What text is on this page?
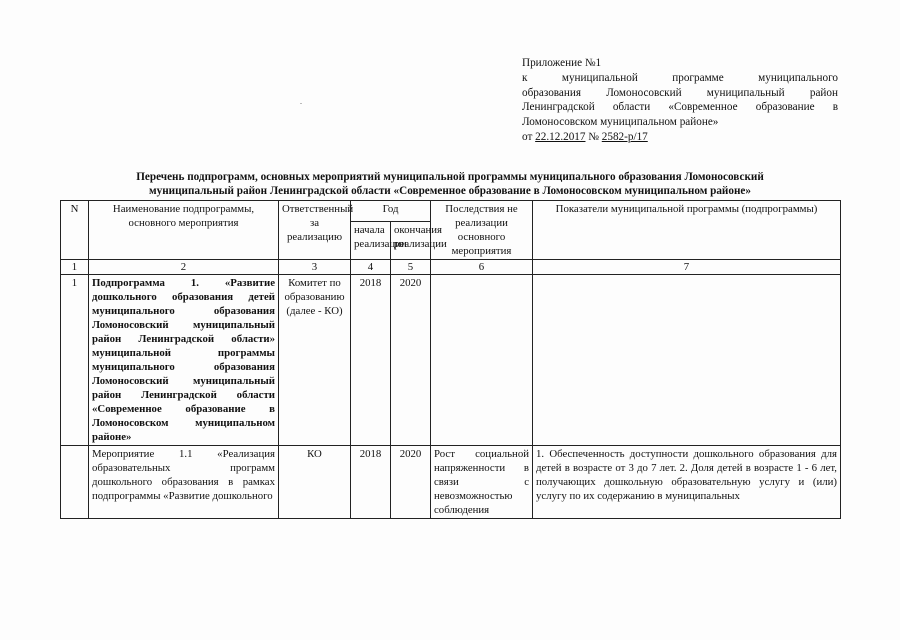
Приложение №1
к муниципальной программе муниципального
образования Ломоносовский муниципальный район
Ленинградской области «Современное образование в
Ломоносовском муниципальном районе»
от 22.12.2017 № 2582-р/17
Перечень подпрограмм, основных мероприятий муниципальной программы муниципального образования Ломоносовский
муниципальный район Ленинградской области «Современное образование в Ломоносовском муниципальном районе»
N	Наименование подпрограммы, основного мероприятия	Ответственный за реализацию	Год		Последствия не реализации основного мероприятия	Показатели муниципальной программы (подпрограммы)
			начала реализации	окончания реализации		
1	2	3	4	5	6	7
1	Подпрограмма 1. «Развитие дошкольного образования детей муниципального образования Ломоносовский муниципальный район Ленинградской области» муниципальной программы муниципального образования Ломоносовский муниципальный район Ленинградской области «Современное образование в Ломоносовском муниципальном районе»	Комитет по образованию (далее - КО)	2018	2020		

	Мероприятие 1.1 «Реализация образовательных программ дошкольного образования в рамках подпрограммы «Развитие дошкольного	КО	2018	2020	Рост социальной напряженности в связи с невозможностью соблюдения	1. Обеспеченность доступности дошкольного образования для детей в возрасте от 3 до 7 лет. 2. Доля детей в возрасте 1 - 6 лет, получающих дошкольную образовательную услугу и (или) услугу по их содержанию в муниципальных
